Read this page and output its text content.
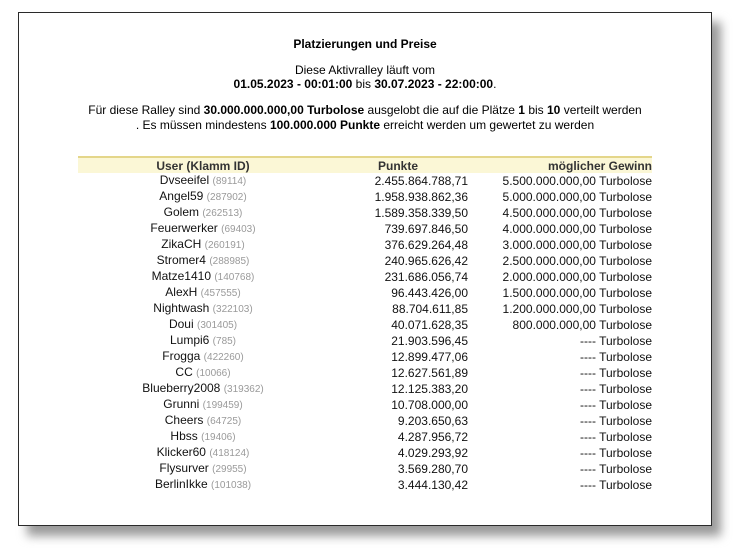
Platzierungen und Preise
Diese Aktivralley läuft vom
01.05.2023 - 00:01:00 bis 30.07.2023 - 22:00:00.
Für diese Ralley sind 30.000.000.000,00 Turbolose ausgelobt die auf die Plätze 1 bis 10 verteilt werden
. Es müssen mindestens 100.000.000 Punkte erreicht werden um gewertet zu werden
User (Klamm ID)	Punkte	möglicher Gewinn
Dvseeifel (89114)	2.455.864.788,71	5.500.000.000,00 Turbolose
Angel59 (287902)	1.958.938.862,36	5.000.000.000,00 Turbolose
Golem (262513)	1.589.358.339,50	4.500.000.000,00 Turbolose
Feuerwerker (69403)	739.697.846,50	4.000.000.000,00 Turbolose
ZikaCH (260191)	376.629.264,48	3.000.000.000,00 Turbolose
Stromer4 (288985)	240.965.626,42	2.500.000.000,00 Turbolose
Matze1410 (140768)	231.686.056,74	2.000.000.000,00 Turbolose
AlexH (457555)	96.443.426,00	1.500.000.000,00 Turbolose
Nightwash (322103)	88.704.611,85	1.200.000.000,00 Turbolose
Doui (301405)	40.071.628,35	800.000.000,00 Turbolose
Lumpi6 (785)	21.903.596,45	---- Turbolose
Frogga (422260)	12.899.477,06	---- Turbolose
CC (10066)	12.627.561,89	---- Turbolose
Blueberry2008 (319362)	12.125.383,20	---- Turbolose
Grunni (199459)	10.708.000,00	---- Turbolose
Cheers (64725)	9.203.650,63	---- Turbolose
Hbss (19406)	4.287.956,72	---- Turbolose
Klicker60 (418124)	4.029.293,92	---- Turbolose
Flysurver (29955)	3.569.280,70	---- Turbolose
BerlinIkke (101038)	3.444.130,42	---- Turbolose
